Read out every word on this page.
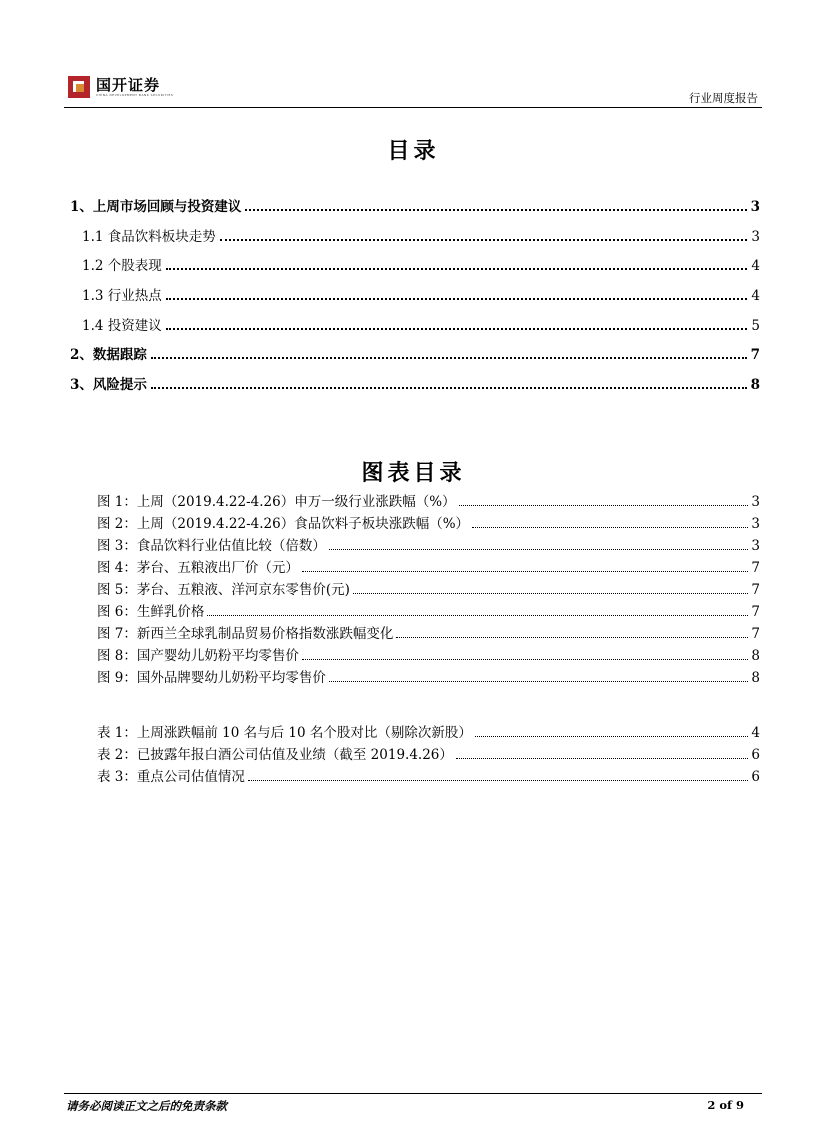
国开证券
CHINA DEVELOPMENT BANK SECURITIES	行业周度报告
目录
1、上周市场回顾与投资建议	3
1.1 食品饮料板块走势	3
1.2 个股表现	4
1.3 行业热点	4
1.4 投资建议	5
2、数据跟踪	7
3、风险提示	8
图表目录
图 1：上周（2019.4.22-4.26）申万一级行业涨跌幅（%）	3
图 2：上周（2019.4.22-4.26）食品饮料子板块涨跌幅（%）	3
图 3：食品饮料行业估值比较（倍数）	3
图 4：茅台、五粮液出厂价（元）	7
图 5：茅台、五粮液、洋河京东零售价(元)	7
图 6：生鲜乳价格	7
图 7：新西兰全球乳制品贸易价格指数涨跌幅变化	7
图 8：国产婴幼儿奶粉平均零售价	8
图 9：国外品牌婴幼儿奶粉平均零售价	8
表 1：上周涨跌幅前 10 名与后 10 名个股对比（剔除次新股）	4
表 2：已披露年报白酒公司估值及业绩（截至 2019.4.26）	6
表 3：重点公司估值情况	6
请务必阅读正文之后的免责条款	2 of 9
